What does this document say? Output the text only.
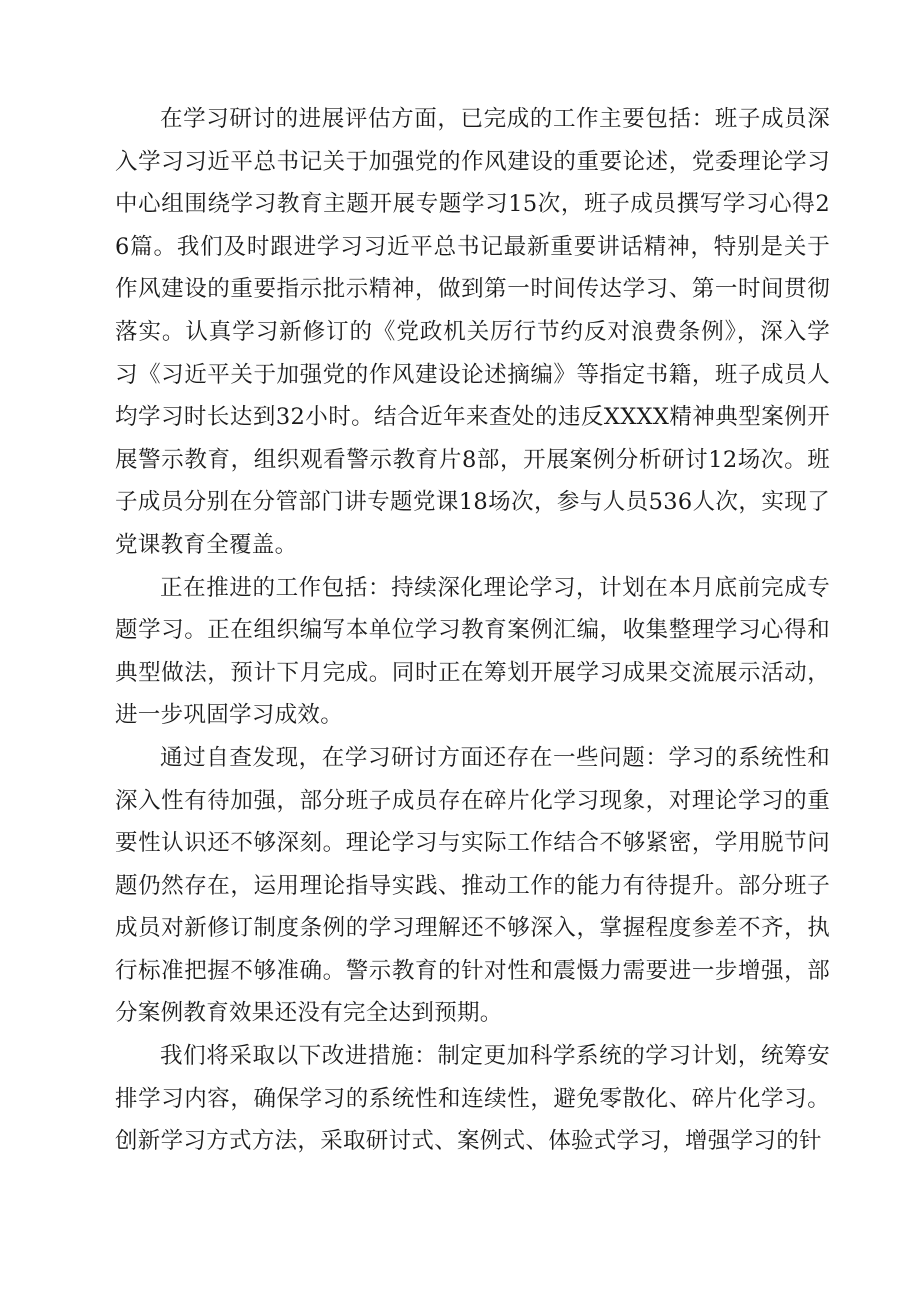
在学习研讨的进展评估方面，已完成的工作主要包括：班子成员深入学习习近平总书记关于加强党的作风建设的重要论述，党委理论学习中心组围绕学习教育主题开展专题学习15次，班子成员撰写学习心得26篇。我们及时跟进学习习近平总书记最新重要讲话精神，特别是关于作风建设的重要指示批示精神，做到第一时间传达学习、第一时间贯彻落实。认真学习新修订的《党政机关厉行节约反对浪费条例》，深入学习《习近平关于加强党的作风建设论述摘编》等指定书籍，班子成员人均学习时长达到32小时。结合近年来查处的违反XXXX精神典型案例开展警示教育，组织观看警示教育片8部，开展案例分析研讨12场次。班子成员分别在分管部门讲专题党课18场次，参与人员536人次，实现了党课教育全覆盖。

正在推进的工作包括：持续深化理论学习，计划在本月底前完成专题学习。正在组织编写本单位学习教育案例汇编，收集整理学习心得和典型做法，预计下月完成。同时正在筹划开展学习成果交流展示活动，进一步巩固学习成效。

通过自查发现，在学习研讨方面还存在一些问题：学习的系统性和深入性有待加强，部分班子成员存在碎片化学习现象，对理论学习的重要性认识还不够深刻。理论学习与实际工作结合不够紧密，学用脱节问题仍然存在，运用理论指导实践、推动工作的能力有待提升。部分班子成员对新修订制度条例的学习理解还不够深入，掌握程度参差不齐，执行标准把握不够准确。警示教育的针对性和震慑力需要进一步增强，部分案例教育效果还没有完全达到预期。

我们将采取以下改进措施：制定更加科学系统的学习计划，统筹安排学习内容，确保学习的系统性和连续性，避免零散化、碎片化学习。创新学习方式方法，采取研讨式、案例式、体验式学习，增强学习的针
